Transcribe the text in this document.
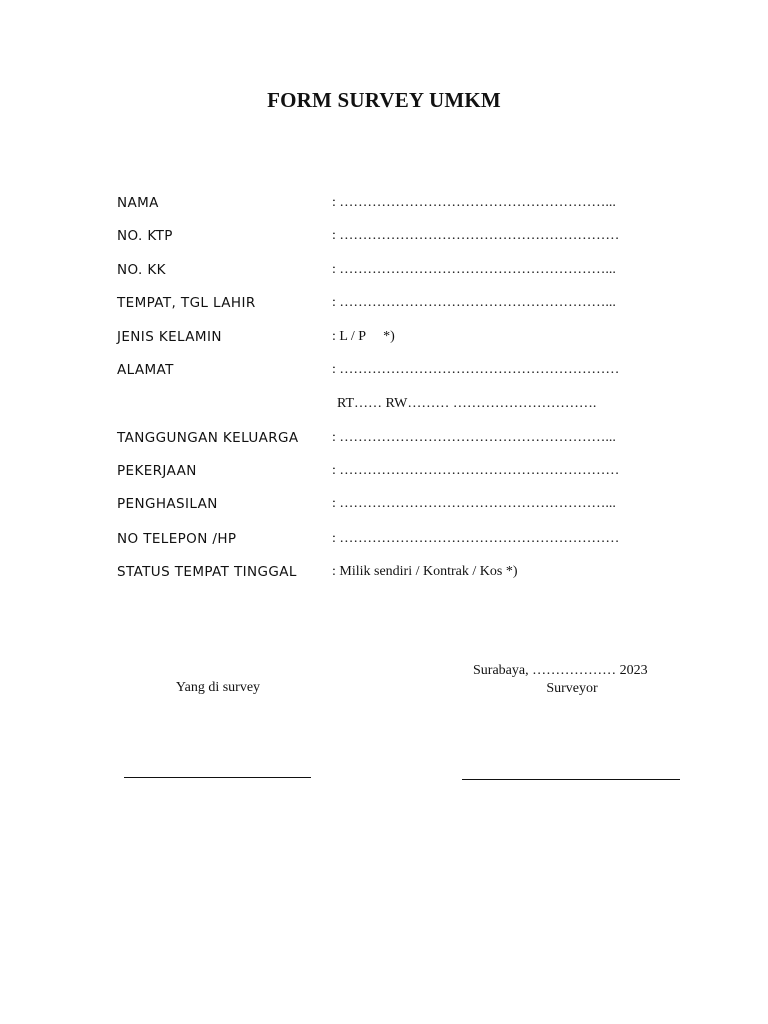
FORM SURVEY UMKM
NAMA	: …………………………………………………...
NO. KTP	: ……………………………………………………
NO. KK	: …………………………………………………...
TEMPAT, TGL LAHIR	: …………………………………………………...
JENIS KELAMIN	: L / P     *)
ALAMAT	: ……………………………………………………
RT…… RW……… ………………………….
TANGGUNGAN KELUARGA : …………………………………………………...
PEKERJAAN	: ……………………………………………………
PENGHASILAN	: …………………………………………………...
NO TELEPON /HP	: ……………………………………………………
STATUS TEMPAT TINGGAL	: Milik sendiri / Kontrak / Kos *)
Yang di survey
Surabaya, ……………… 2023
Surveyor
